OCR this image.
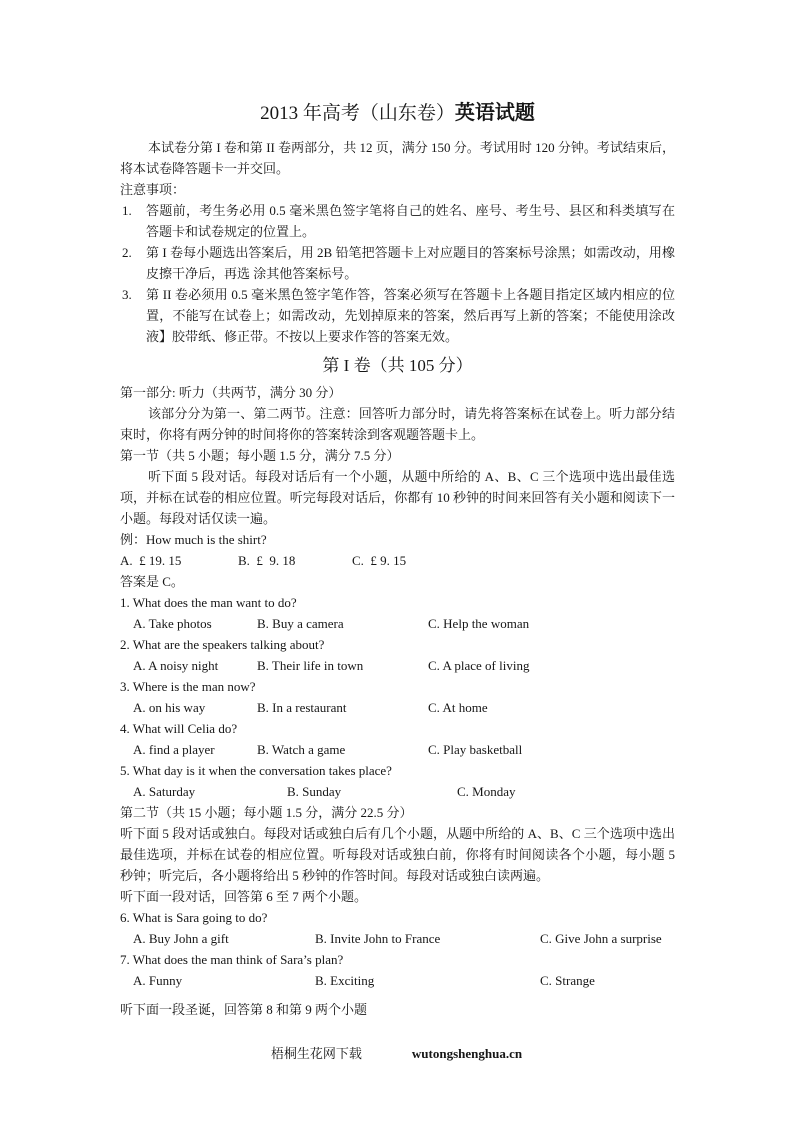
2013 年高考（山东卷）英语试题

本试卷分第 I 卷和第 II 卷两部分，共 12 页，满分 150 分。考试用时 120 分钟。考试结束后，将本试卷降答题卡一并交回。

注意事项：

1. 答题前，考生务必用 0.5 毫米黑色签字笔将自己的姓名、座号、考生号、县区和科类填写在答题卡和试卷规定的位置上。
2. 第 I 卷每小题选出答案后，用 2B 铅笔把答题卡上对应题目的答案标号涂黑；如需改动，用橡皮擦干净后，再选 涂其他答案标号。
3. 第 II 卷必须用 0.5 毫米黑色签字笔作答，答案必须写在答题卡上各题目指定区域内相应的位置，不能写在试卷上；如需改动，先划掉原来的答案，然后再写上新的答案；不能使用涂改液】胶带纸、修正带。不按以上要求作答的答案无效。
第 I 卷（共 105 分）

第一部分: 听力（共两节，满分 30 分）

该部分分为第一、第二两节。注意：回答听力部分时，请先将答案标在试卷上。听力部分结束时，你将有两分钟的时间将你的答案转涂到客观题答题卡上。

第一节（共 5 小题；每小题 1.5 分，满分 7.5 分）

听下面 5 段对话。每段对话后有一个小题，从题中所给的 A、B、C 三个选项中选出最佳选项，并标在试卷的相应位置。听完每段对话后，你都有 10 秒钟的时间来回答有关小题和阅读下一小题。每段对话仅读一遍。

例：How much is the shirt?

A.  £ 19. 15	B.  £  9. 18	C.  £ 9. 15

答案是 C。

1. What does the man want to do?

A. Take photos	B. Buy a camera	C. Help the woman

2. What are the speakers talking about?

A. A noisy night	B. Their life in town	C. A place of living

3. Where is the man now?

A. on his way	B. In a restaurant	C. At home

4. What will Celia do?

A. find a player	B. Watch a game	C. Play basketball

5. What day is it when the conversation takes place?

A. Saturday	B. Sunday	C. Monday

第二节（共 15 小题；每小题 1.5 分，满分 22.5 分）

听下面 5 段对话或独白。每段对话或独白后有几个小题，从题中所给的 A、B、C 三个选项中选出最佳选项，并标在试卷的相应位置。听每段对话或独白前，你将有时间阅读各个小题，每小题 5 秒钟；听完后，各小题将给出 5 秒钟的作答时间。每段对话或独白读两遍。

听下面一段对话，回答第 6 至 7 两个小题。

6. What is Sara going to do?

A. Buy John a gift	B. Invite John to France	C. Give John a surprise

7. What does the man think of Sara’s plan?

A. Funny	B. Exciting	C. Strange

听下面一段圣诞，回答第 8 和第 9 两个小题

梧桐生花网下载	wutongshenghua.cn
